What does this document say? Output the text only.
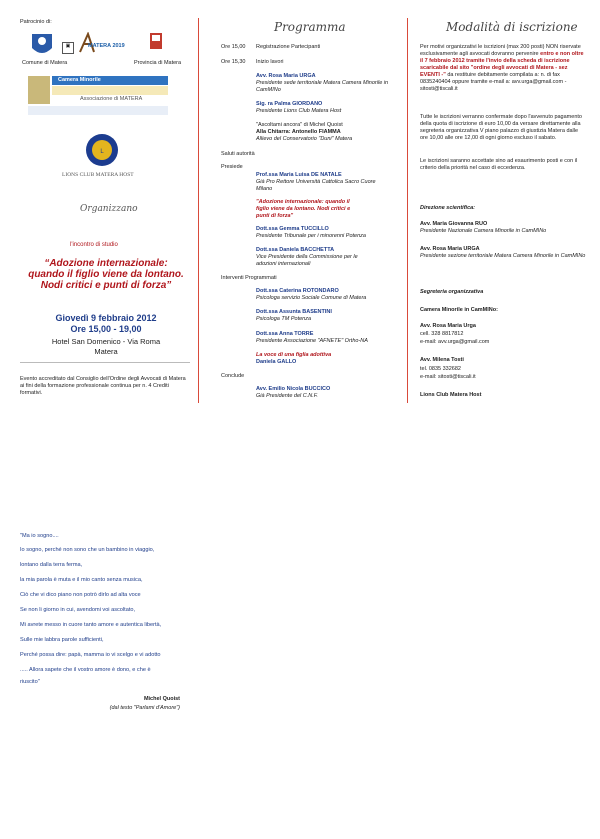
Patrocinio di:
▣
Comune di Matera
MATERA 2019
Provincia di Matera
Camera Minorile
Associazione di MATERA
L
LIONS CLUB MATERA HOST
Organizzano
l'incontro di studio
“Adozione internazionale: quando il figlio viene da lontano. Nodi critici e punti di forza”
Giovedì 9 febbraio 2012
Ore 15,00 - 19,00
Hotel San Domenico - Via Roma
Matera
Evento accreditato dal Consiglio dell'Ordine degli Avvocati di Matera ai fini della formazione professionale continua per n. 4 Crediti formativi.
Programma
Ore 15,00	Registrazione Partecipanti
Ore 15,30	Inizio lavori
Avv. Rosa Maria URGA
Presidente sede territoriale Matera Camera Minorile in CamMINo
Sig. ra Palma GIORDANO
Presidente Lions Club Matera Host
"Ascoltami ancora" di Michel Quoist
Alla Chitarra: Antonello FIAMMA
Allievo del Conservatorio "Duni" Matera
Saluti autorità
Presiede
Prof.ssa Maria Luisa DE NATALE
Già Pro Rettore Università Cattolica Sacro Cuore Milano
"Adozione internazionale: quando il figlio viene da lontano. Nodi critici e punti di forza"
Dott.ssa Gemma TUCCILLO
Presidente Tribunale per i minorenni Potenza
Dott.ssa Daniela BACCHETTA
Vice Presidente della Commissione per le adozioni internazionali
Interventi Programmati
Dott.ssa Caterina ROTONDARO
Psicologa servizio Sociale Comune di Matera
Dott.ssa Assunta BASENTINI
Psicologa TM Potenza
Dott.ssa Anna TORRE
Presidente Associazione "AFNETE" Ortho-NA
La voce di una figlia adottiva
Daniela GALLO
Conclude
Avv. Emilio Nicola BUCCICO
Già Presidente del C.N.F.
Modalità di iscrizione
Per motivi organizzativi le iscrizioni (max 200 posti) NON riservate esclusivamente agli avvocati dovranno pervenire entro e non oltre il 7 febbraio 2012 tramite l'invio della scheda di iscrizione scaricabile dal sito "ordine degli avvocati di Matera - sez EVENTI -" da restituire debitamente compilata a: n. di fax 0835240404 oppure tramite e-mail a: avv.urga@gmail.com - sitosti@tiscali.it
Tutte le iscrizioni verranno confermate dopo l'avvenuto pagamento della quota di iscrizione di euro 10,00 da versare direttamente alla segreteria organizzativa V piano palazzo di giustizia Matera dalle ore 10,00 alle ore 12,00 di ogni giorno escluso il sabato.
Le iscrizioni saranno accettate sino ad esaurimento posti e con il criterio della priorità nel caso di eccedenza.
Direzione scientifica:
Avv. Maria Giovanna RUO
Presidente Nazionale Camera Minorile in CamMINo
Avv. Rosa Maria URGA
Presidente sezione territoriale Matera Camera Minorile in CamMINo
Segreteria organizzativa
Camera Minorile in CamMINo:
Avv. Rosa Maria Urga
cell. 328 8817812
e-mail: avv.urga@gmail.com
Avv. Milena Tosti
tel. 0835 332682
e-mail: sitosti@tiscali.it
Lions Club Matera Host
"Ma io sogno....
Io sogno, perché non sono che un bambino in viaggio,
lontano dalla terra ferma,
la mia parola è muta e il mio canto senza musica,
Ciò che vi dico piano non potrò dirlo ad alta voce
Se non li giorno in cui, avendomi voi ascoltato,
Mi avrete messo in cuore tanto amore e autentica libertà,
Sulle mie labbra parole sufficienti,
Perché possa dire: papà, mamma io vi scelgo e vi adotto
..... Allora sapete che il vostro amore è dono, e che è
riuscito"
Michel Quoist
(dal testo "Parlami d'Amore")
